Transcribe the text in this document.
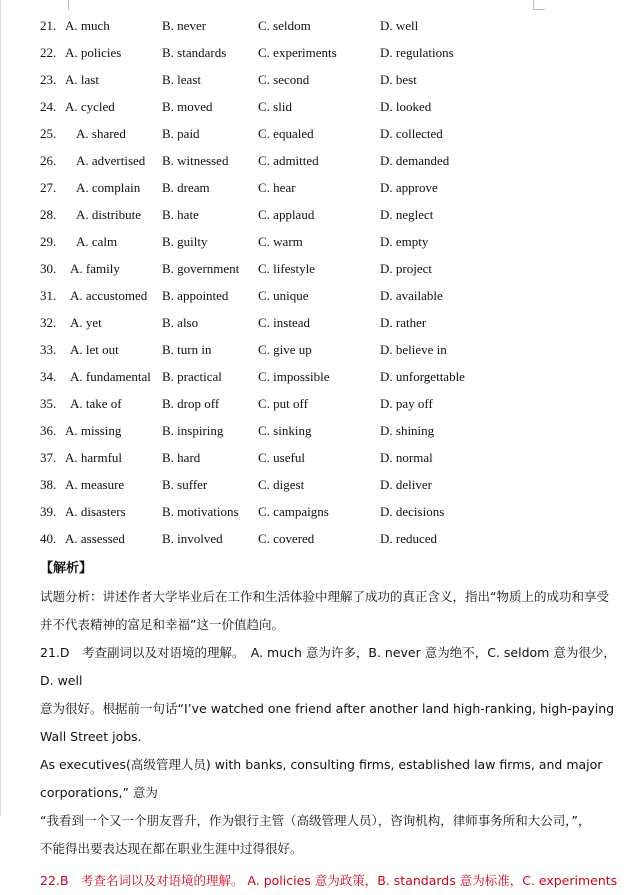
21. A. much	B. never	C. seldom	D. well
22. A. policies	B. standards C. experiments	D. regulations
23. A. last	B. least	C. second	D. best
24. A. cycled	B. moved	C. slid	D. looked
25. A. shared	B. paid	C. equaled	D. collected
26. A. advertised B. witnessed C. admitted	D. demanded
27. A. complain B. dream	C. hear	D. approve
28. A. distribute B. hate	C. applaud	D. neglect
29. A. calm	B. guilty	C. warm	D. empty
30. A. family	B. government C. lifestyle	D. project
31. A. accustomed B. appointed C. unique	D. available
32. A. yet	B. also	C. instead	D. rather
33. A. let out	B. turn in	C. give up	D. believe in
34. A. fundamental B. practical	C. impossible	D. unforgettable
35. A. take of	B. drop off	C. put off	D. pay off
36. A. missing	B. inspiring	C. sinking	D. shining
37. A. harmful	B. hard	C. useful	D. normal
38. A. measure	B. suffer	C. digest	D. deliver
39. A. disasters	B. motivations C. campaigns	D. decisions
40. A. assessed	B. involved	C. covered	D. reduced

【解析】

试题分析：讲述作者大学毕业后在工作和生活体验中理解了成功的真正含义，指出“物质上的成功和享受

并不代表精神的富足和幸福”这一价值趋向。

21.D　考查副词以及对语境的理解。　A. much 意为许多，B. never 意为绝不，C. seldom 意为很少，D. well

意为很好。根据前一句话“I’ve watched one friend after another land high-ranking, high-paying Wall Street jobs.

As executives(高级管理人员) with banks, consulting firms, established law firms, and major corporations,” 意为

“我看到一个又一个朋友晋升，作为银行主管（高级管理人员），咨询机构，律师事务所和大公司，”，

不能得出要表达现在都在职业生涯中过得很好。

22.B　考查名词以及对语境的理解。 A. policies 意为政策，B. standards 意为标准，C. experiments
